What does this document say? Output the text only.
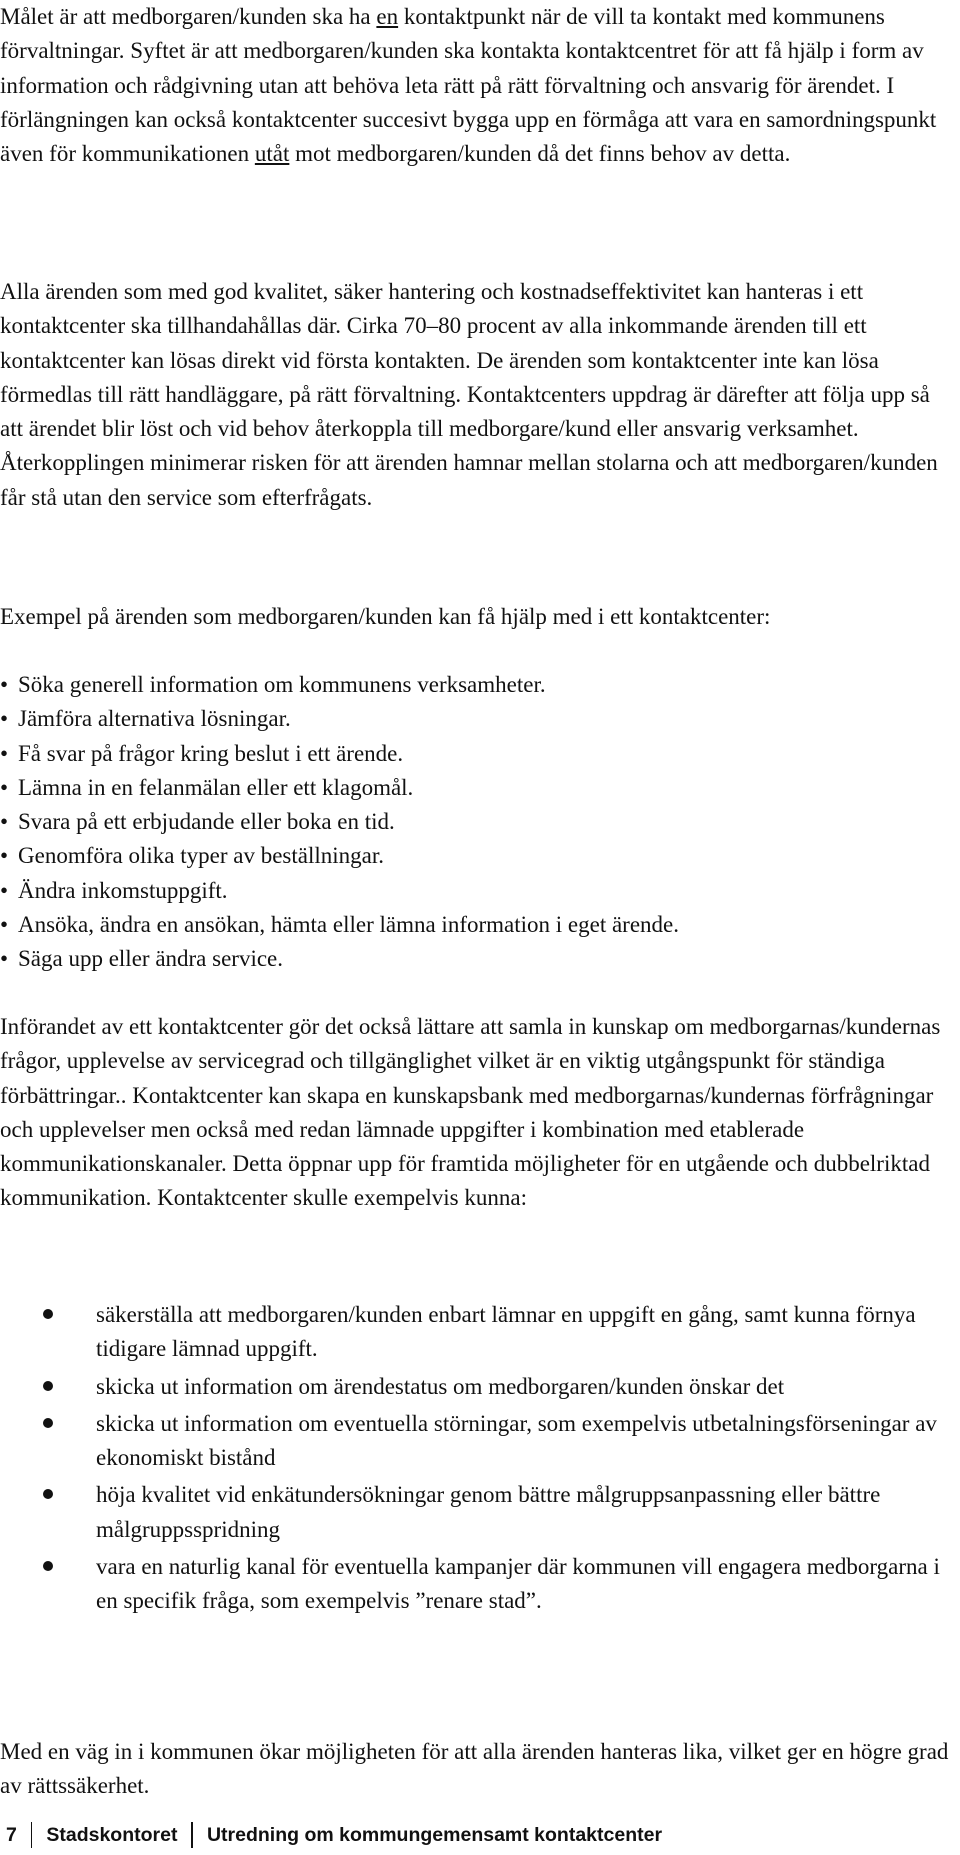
Målet är att medborgaren/kunden ska ha en kontaktpunkt när de vill ta kontakt med kommunens förvaltningar. Syftet är att medborgaren/kunden ska kontakta kontaktcentret för att få hjälp i form av information och rådgivning utan att behöva leta rätt på rätt förvaltning och ansvarig för ärendet. I förlängningen kan också kontaktcenter succesivt bygga upp en förmåga att vara en samordningspunkt även för kommunikationen utåt mot medborgaren/kunden då det finns behov av detta.

Alla ärenden som med god kvalitet, säker hantering och kostnadseffektivitet kan hanteras i ett kontaktcenter ska tillhandahållas där. Cirka 70–80 procent av alla inkommande ärenden till ett kontaktcenter kan lösas direkt vid första kontakten. De ärenden som kontaktcenter inte kan lösa förmedlas till rätt handläggare, på rätt förvaltning. Kontaktcenters uppdrag är därefter att följa upp så att ärendet blir löst och vid behov återkoppla till medborgare/kund eller ansvarig verksamhet. Återkopplingen minimerar risken för att ärenden hamnar mellan stolarna och att medborgaren/kunden får stå utan den service som efterfrågats.

Exempel på ärenden som medborgaren/kunden kan få hjälp med i ett kontaktcenter:

• Söka generell information om kommunens verksamheter.
• Jämföra alternativa lösningar.
• Få svar på frågor kring beslut i ett ärende.
• Lämna in en felanmälan eller ett klagomål.
• Svara på ett erbjudande eller boka en tid.
• Genomföra olika typer av beställningar.
• Ändra inkomstuppgift.
• Ansöka, ändra en ansökan, hämta eller lämna information i eget ärende.
• Säga upp eller ändra service.

Införandet av ett kontaktcenter gör det också lättare att samla in kunskap om medborgarnas/kundernas frågor, upplevelse av servicegrad och tillgänglighet vilket är en viktig utgångspunkt för ständiga förbättringar.. Kontaktcenter kan skapa en kunskapsbank med medborgarnas/kundernas förfrågningar och upplevelser men också med redan lämnade uppgifter i kombination med etablerade kommunikationskanaler. Detta öppnar upp för framtida möjligheter för en utgående och dubbelriktad kommunikation. Kontaktcenter skulle exempelvis kunna:

säkerställa att medborgaren/kunden enbart lämnar en uppgift en gång, samt kunna förnya tidigare lämnad uppgift.
skicka ut information om ärendestatus om medborgaren/kunden önskar det
skicka ut information om eventuella störningar, som exempelvis utbetalningsförseningar av ekonomiskt bistånd
höja kvalitet vid enkätundersökningar genom bättre målgruppsanpassning eller bättre målgruppsspridning
vara en naturlig kanal för eventuella kampanjer där kommunen vill engagera medborgarna i en specifik fråga, som exempelvis ”renare stad”.

Med en väg in i kommunen ökar möjligheten för att alla ärenden hanteras lika, vilket ger en högre grad av rättssäkerhet.

7 Stadskontoret Utredning om kommungemensamt kontaktcenter
